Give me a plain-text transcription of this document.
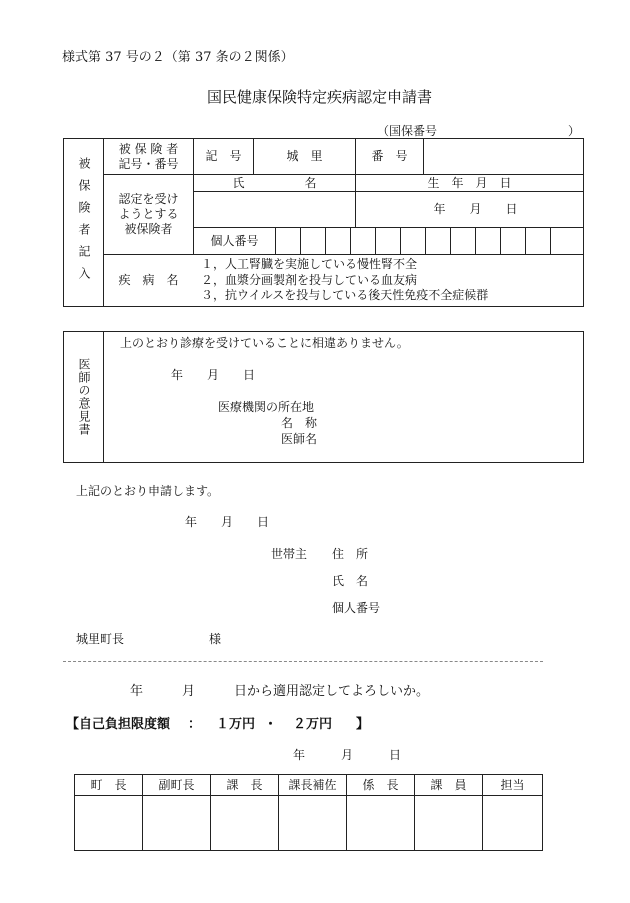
様式第 37 号の２（第 37 条の２関係）
国民健康保険特定疾病認定申請書
（国保番号	）
被保険者記入
被 保 険 者
記号・番号
記　号	城　里	番　号
認定を受け
ようとする
被保険者
氏　　　　　名	生　年　月　日
年　　月　　日
個人番号
疾　病　名
１，人工腎臓を実施している慢性腎不全
２，血漿分画製剤を投与している血友病
３，抗ウイルスを投与している後天性免疫不全症候群
医師の意見書
上のとおり診療を受けていることに相違ありません。
年　　月　　日
医療機関の所在地
名　称
医師名
上記のとおり申請します。
年　　月　　日
世帯主 住　所
氏　名
個人番号
城里町長	様
年　　　月　　　日から適用認定してよろしいか。
【自己負担限度額 ： １万円 ・ ２万円 】
年　　　月　　　日
町　長	副町長	課　長	課長補佐	係　長	課　員	担当
